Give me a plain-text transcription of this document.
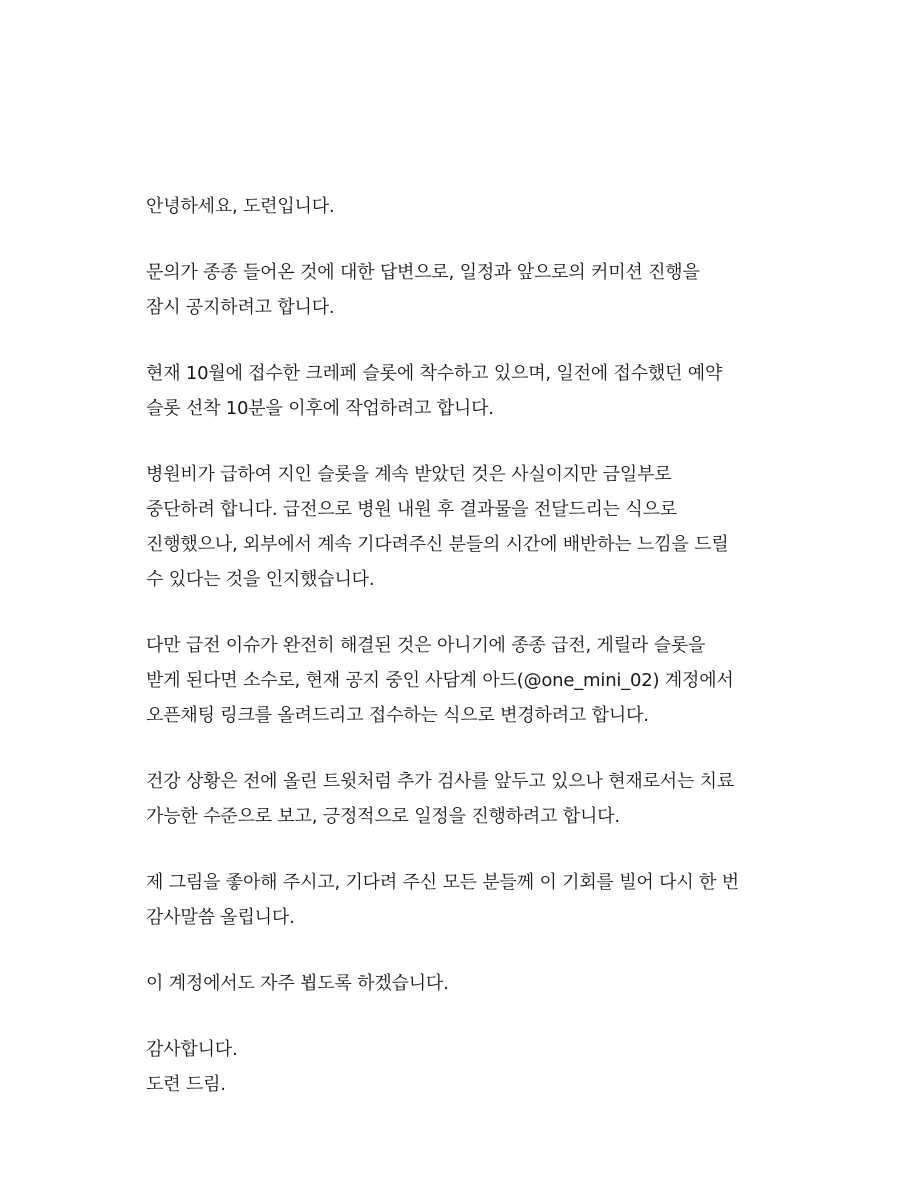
안녕하세요, 도련입니다.

문의가 종종 들어온 것에 대한 답변으로, 일정과 앞으로의 커미션 진행을
잠시 공지하려고 합니다.

현재 10월에 접수한 크레페 슬롯에 착수하고 있으며, 일전에 접수했던 예약
슬롯 선착 10분을 이후에 작업하려고 합니다.

병원비가 급하여 지인 슬롯을 계속 받았던 것은 사실이지만 금일부로
중단하려 합니다. 급전으로 병원 내원 후 결과물을 전달드리는 식으로
진행했으나, 외부에서 계속 기다려주신 분들의 시간에 배반하는 느낌을 드릴
수 있다는 것을 인지했습니다.

다만 급전 이슈가 완전히 해결된 것은 아니기에 종종 급전, 게릴라 슬롯을
받게 된다면 소수로, 현재 공지 중인 사담계 아드(@one_mini_02) 계정에서
오픈채팅 링크를 올려드리고 접수하는 식으로 변경하려고 합니다.

건강 상황은 전에 올린 트윗처럼 추가 검사를 앞두고 있으나 현재로서는 치료
가능한 수준으로 보고, 긍정적으로 일정을 진행하려고 합니다.

제 그림을 좋아해 주시고, 기다려 주신 모든 분들께 이 기회를 빌어 다시 한 번
감사말씀 올립니다.

이 계정에서도 자주 뵙도록 하겠습니다.

감사합니다.
도련 드림.
